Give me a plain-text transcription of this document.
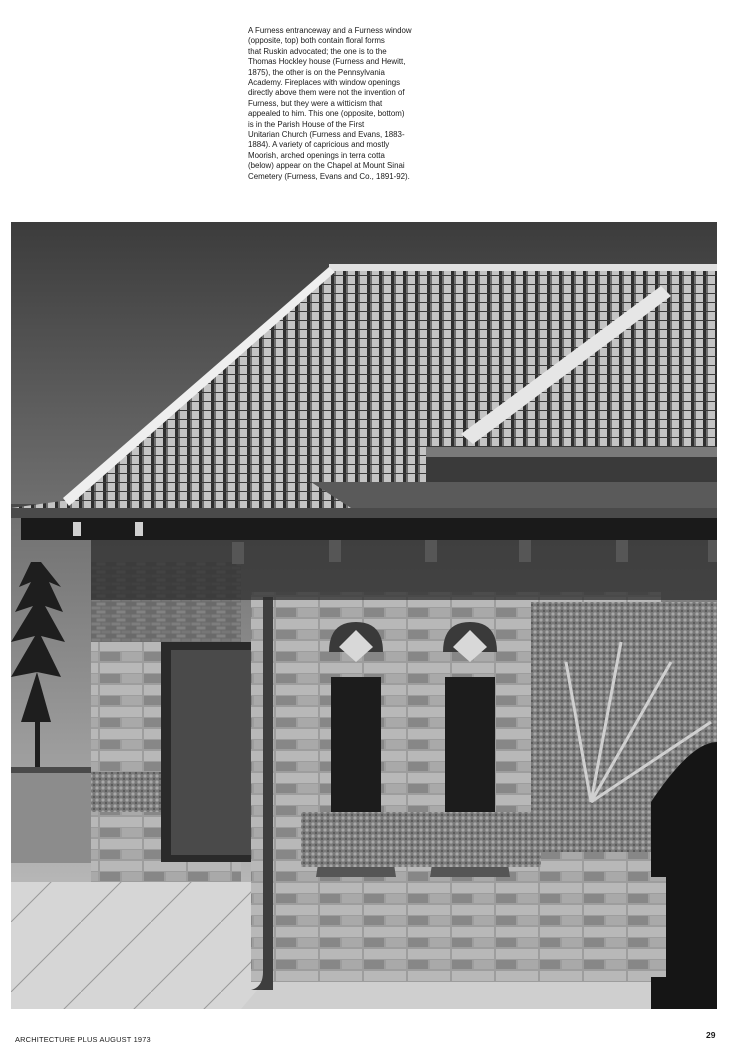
A Furness entranceway and a Furness window
(opposite, top) both contain floral forms
that Ruskin advocated; the one is to the
Thomas Hockley house (Furness and Hewitt,
1875), the other is on the Pennsylvania
Academy. Fireplaces with window openings
directly above them were not the invention of
Furness, but they were a witticism that
appealed to him. This one (opposite, bottom)
is in the Parish House of the First
Unitarian Church (Furness and Evans, 1883-
1884). A variety of capricious and mostly
Moorish, arched openings in terra cotta
(below) appear on the Chapel at Mount Sinai
Cemetery (Furness, Evans and Co., 1891-92).
ARCHITECTURE PLUS AUGUST 1973	29
